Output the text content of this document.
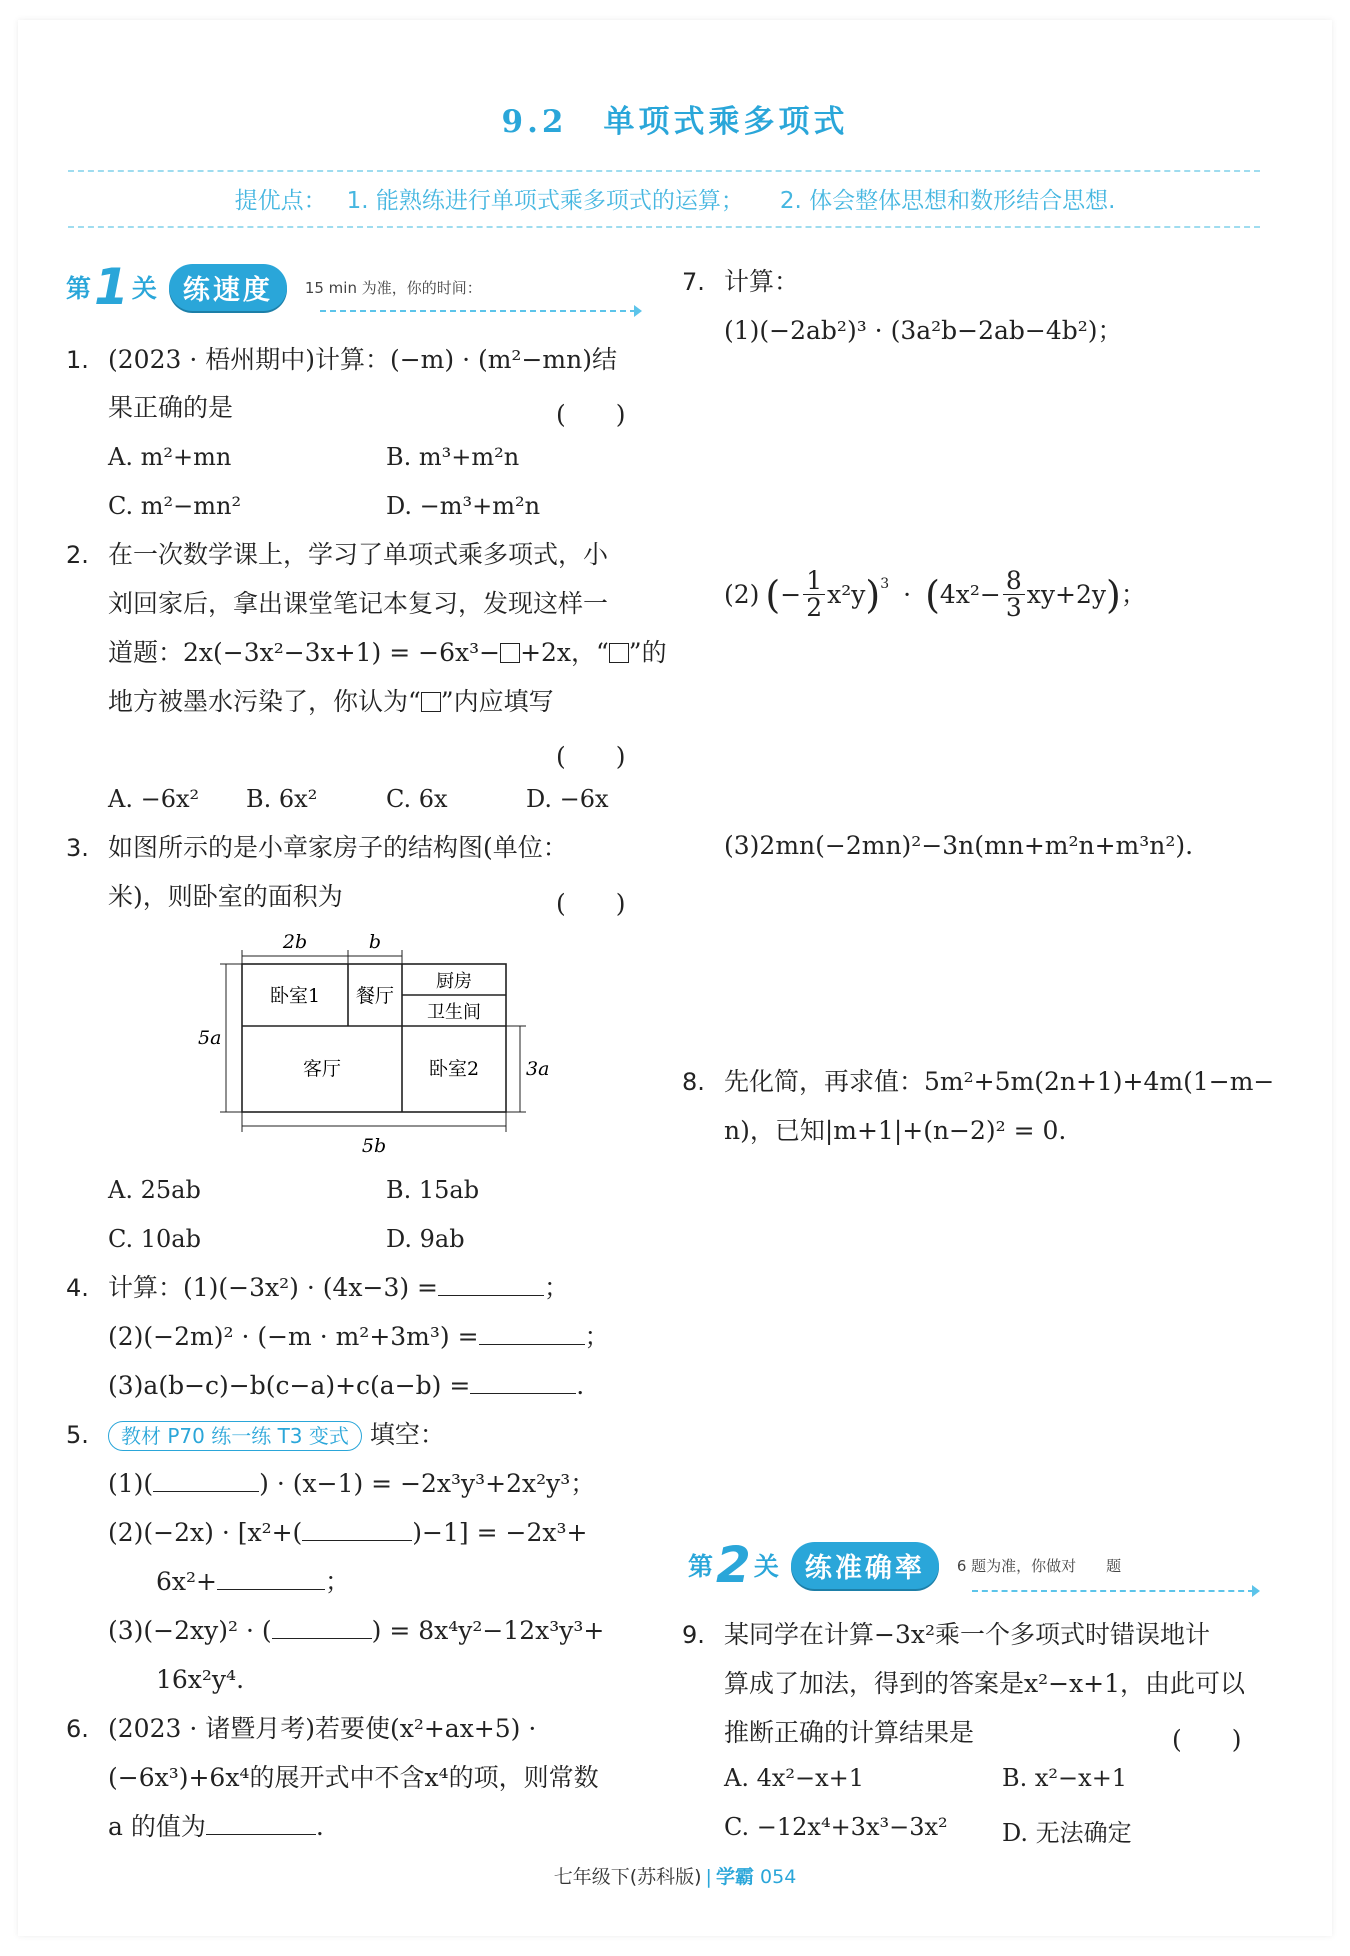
9.2 单项式乘多项式
提优点： 1. 能熟练进行单项式乘多项式的运算； 2. 体会整体思想和数形结合思想.
第 1 关 练速度	15 min 为准，你的时间：
1. (2023 · 梧州期中)计算：(−m) · (m²−mn)结
果正确的是	(　　)
A. m²+mn	B. m³+m²n
C. m²−mn²	D. −m³+m²n
2. 在一次数学课上，学习了单项式乘多项式，小
刘回家后，拿出课堂笔记本复习，发现这样一
道题：2x(−3x²−3x+1) = −6x³− +2x，“ ”的
地方被墨水污染了，你认为“ ”内应填写
(　　)
A. −6x² B. 6x²	C. 6x	D. −6x
3. 如图所示的是小章家房子的结构图(单位：
米)，则卧室的面积为	(　　)
2b	b
5a
3a
5b
卧室1 餐厅
厨房
卫生间
客厅	卧室2
A. 25ab	B. 15ab
C. 10ab	D. 9ab
4. 计算：(1)(−3x²) · (4x−3) =	；
(2)(−2m)² · (−m · m²+3m³) =	；
(3)a(b−c)−b(c−a)+c(a−b) =	.
5.	教材 P70 练一练 T3 变式 填空：
(1)(	) · (x−1) = −2x³y³+2x²y³；
(2)(−2x) · [x²+(	)−1] = −2x³+
6x²+	；
(3)(−2xy)² · (	) = 8x⁴y²−12x³y³+
16x²y⁴.
6. (2023 · 诸暨月考)若要使(x²+ax+5) ·
(−6x³)+6x⁴的展开式中不含x⁴的项，则常数
a 的值为	.
7. 计算：
(1)(−2ab²)³ · (3a²b−2ab−4b²)；
(2) ( − $\frac{1}{2} x^2y$ )$^3$ · ( $4x^2- \frac{8}{3} xy+2y$ ) ；
(3)2mn(−2mn)²−3n(mn+m²n+m³n²).
8. 先化简，再求值：5m²+5m(2n+1)+4m(1−m−
n)，已知|m+1|+(n−2)² = 0.
第 2 关 练准确率	6 题为准，你做对　　题
9. 某同学在计算−3x²乘一个多项式时错误地计
算成了加法，得到的答案是x²−x+1，由此可以
推断正确的计算结果是	(　　)
A. 4x²−x+1	B. x²−x+1
C. −12x⁴+3x³−3x² D. 无法确定
七年级下(苏科版) | 学霸 054
